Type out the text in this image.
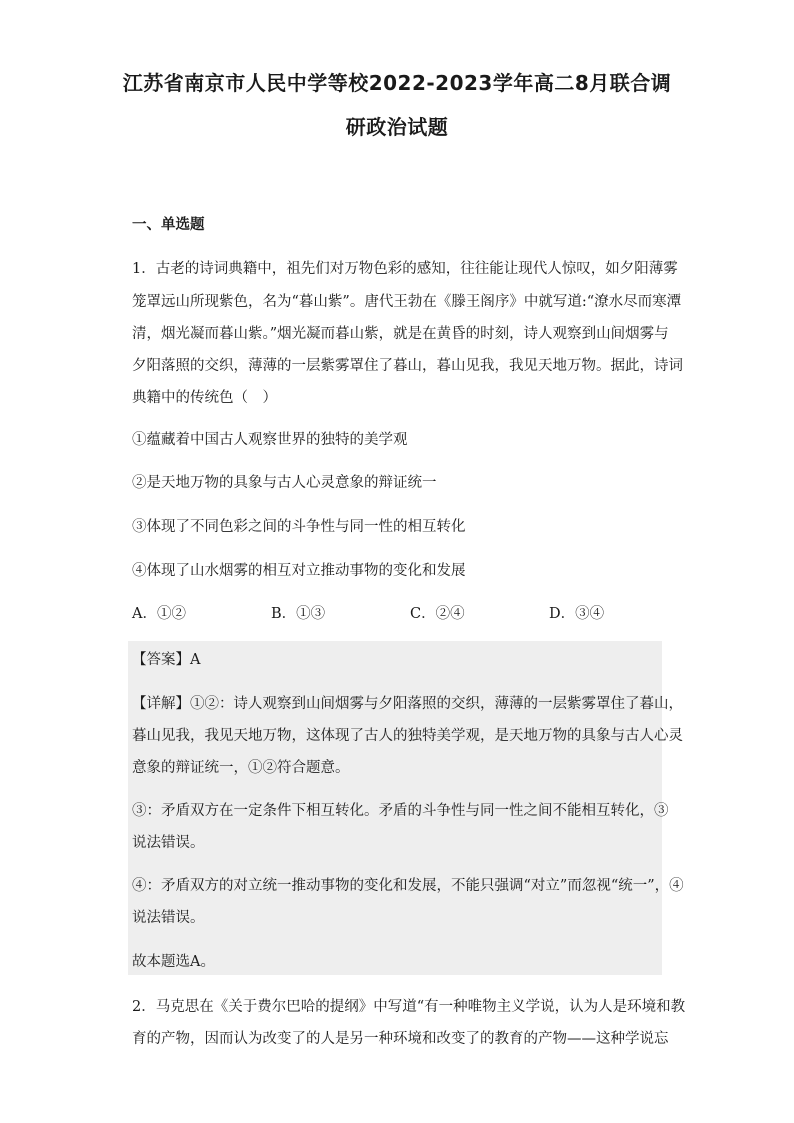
江苏省南京市人民中学等校2022-2023学年高二8月联合调
研政治试题
一、单选题
1．古老的诗词典籍中，祖先们对万物色彩的感知，往往能让现代人惊叹，如夕阳薄雾
笼罩远山所现紫色，名为“暮山紫”。唐代王勃在《滕王阁序》中就写道:“潦水尽而寒潭
清，烟光凝而暮山紫。”烟光凝而暮山紫，就是在黄昏的时刻，诗人观察到山间烟雾与
夕阳落照的交织，薄薄的一层紫雾罩住了暮山，暮山见我，我见天地万物。据此，诗词
典籍中的传统色（　）
①蕴藏着中国古人观察世界的独特的美学观
②是天地万物的具象与古人心灵意象的辩证统一
③体现了不同色彩之间的斗争性与同一性的相互转化
④体现了山水烟雾的相互对立推动事物的变化和发展
A．①②	B．①③	C．②④	D．③④
【答案】A
【详解】①②：诗人观察到山间烟雾与夕阳落照的交织，薄薄的一层紫雾罩住了暮山，
暮山见我，我见天地万物，这体现了古人的独特美学观，是天地万物的具象与古人心灵
意象的辩证统一，①②符合题意。
③：矛盾双方在一定条件下相互转化。矛盾的斗争性与同一性之间不能相互转化，③
说法错误。
④：矛盾双方的对立统一推动事物的变化和发展，不能只强调“对立”而忽视“统一”，④
说法错误。
故本题选A。
2．马克思在《关于费尔巴哈的提纲》中写道“有一种唯物主义学说，认为人是环境和教
育的产物，因而认为改变了的人是另一种环境和改变了的教育的产物——这种学说忘
